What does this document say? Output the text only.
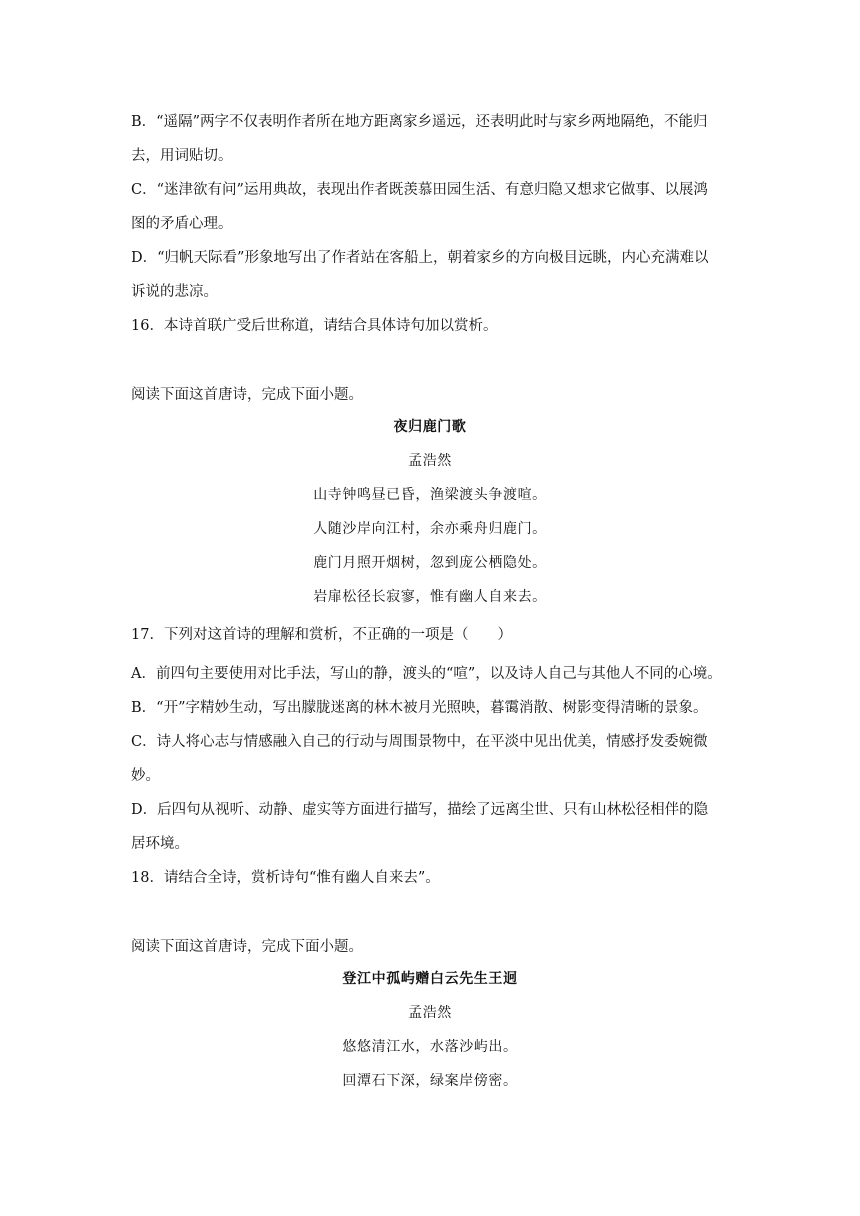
B．“遥隔”两字不仅表明作者所在地方距离家乡遥远，还表明此时与家乡两地隔绝，不能归
去，用词贴切。
C．“迷津欲有问”运用典故，表现出作者既羡慕田园生活、有意归隐又想求它做事、以展鸿
图的矛盾心理。
D．“归帆天际看”形象地写出了作者站在客船上，朝着家乡的方向极目远眺，内心充满难以
诉说的悲凉。
16．本诗首联广受后世称道，请结合具体诗句加以赏析。
阅读下面这首唐诗，完成下面小题。
夜归鹿门歌
孟浩然
山寺钟鸣昼已昏，渔梁渡头争渡喧。
人随沙岸向江村，余亦乘舟归鹿门。
鹿门月照开烟树，忽到庞公栖隐处。
岩扉松径长寂寥，惟有幽人自来去。
17．下列对这首诗的理解和赏析，不正确的一项是（　　）
A．前四句主要使用对比手法，写山的静，渡头的“喧”，以及诗人自己与其他人不同的心境。
B．“开”字精妙生动，写出朦胧迷离的林木被月光照映，暮霭消散、树影变得清晰的景象。
C．诗人将心志与情感融入自己的行动与周围景物中，在平淡中见出优美，情感抒发委婉微
妙。
D．后四句从视听、动静、虚实等方面进行描写，描绘了远离尘世、只有山林松径相伴的隐
居环境。
18．请结合全诗，赏析诗句“惟有幽人自来去”。
阅读下面这首唐诗，完成下面小题。
登江中孤屿赠白云先生王迥
孟浩然
悠悠清江水，水落沙屿出。
回潭石下深，绿案岸傍密。
